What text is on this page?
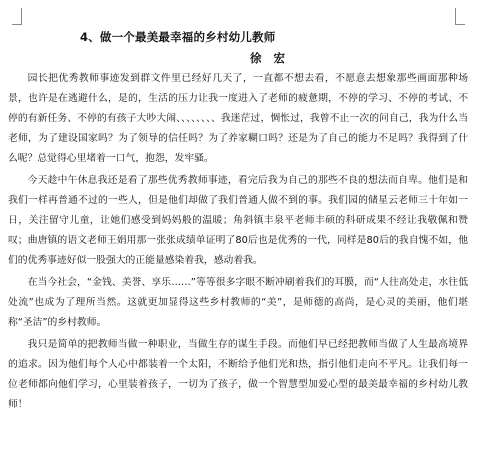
4、做一个最美最幸福的乡村幼儿教师
徐 宏

园长把优秀教师事迹发到群文件里已经好几天了，一直都不想去看，不愿意去想象那些画面那种场景，也许是在逃避什么，是的，生活的压力让我一度进入了老师的疲惫期，不停的学习、不停的考试、不停的有新任务、不停的有孩子大吵大闹、、、、、、、、我迷茫过，惆怅过，我曾不止一次的问自己，我为什么当老师，为了建设国家吗？为了领导的信任吗？为了养家糊口吗？还是为了自己的能力不足吗？我得到了什么呢？总觉得心里堵着一口气，抱怨，发牢骚。

今天趁中午休息我还是看了那些优秀教师事迹，看完后我为自己的那些不良的想法而自卑。他们是和我们一样再普通不过的一些人，但是他们却做了我们普通人做不到的事。我们园的储星云老师三十年如一日，关注留守儿童，让她们感受到妈妈般的温暖；角斜镇丰泉平老师丰硕的科研成果不经让我敬佩和赞叹；曲唐镇的语文老师王娟用那一张张成绩单证明了80后也是优秀的一代，同样是80后的我自愧不如，他们的优秀事迹好似一股强大的正能量感染着我，感动着我。

在当今社会，“金钱、美誉、享乐……”等等很多字眼不断冲刷着我们的耳膜，而“人往高处走，水往低处流”也成为了理所当然。这就更加显得这些乡村教师的“美”，是师德的高尚，是心灵的美丽，他们堪称“圣洁”的乡村教师。

我只是简单的把教师当做一种职业，当做生存的谋生手段。而他们早已经把教师当做了人生最高境界的追求。因为他们每个人心中都装着一个太阳，不断给予他们光和热，指引他们走向不平凡。让我们每一位老师都向他们学习，心里装着孩子，一切为了孩子，做一个智慧型加爱心型的最美最幸福的乡村幼儿教师！
